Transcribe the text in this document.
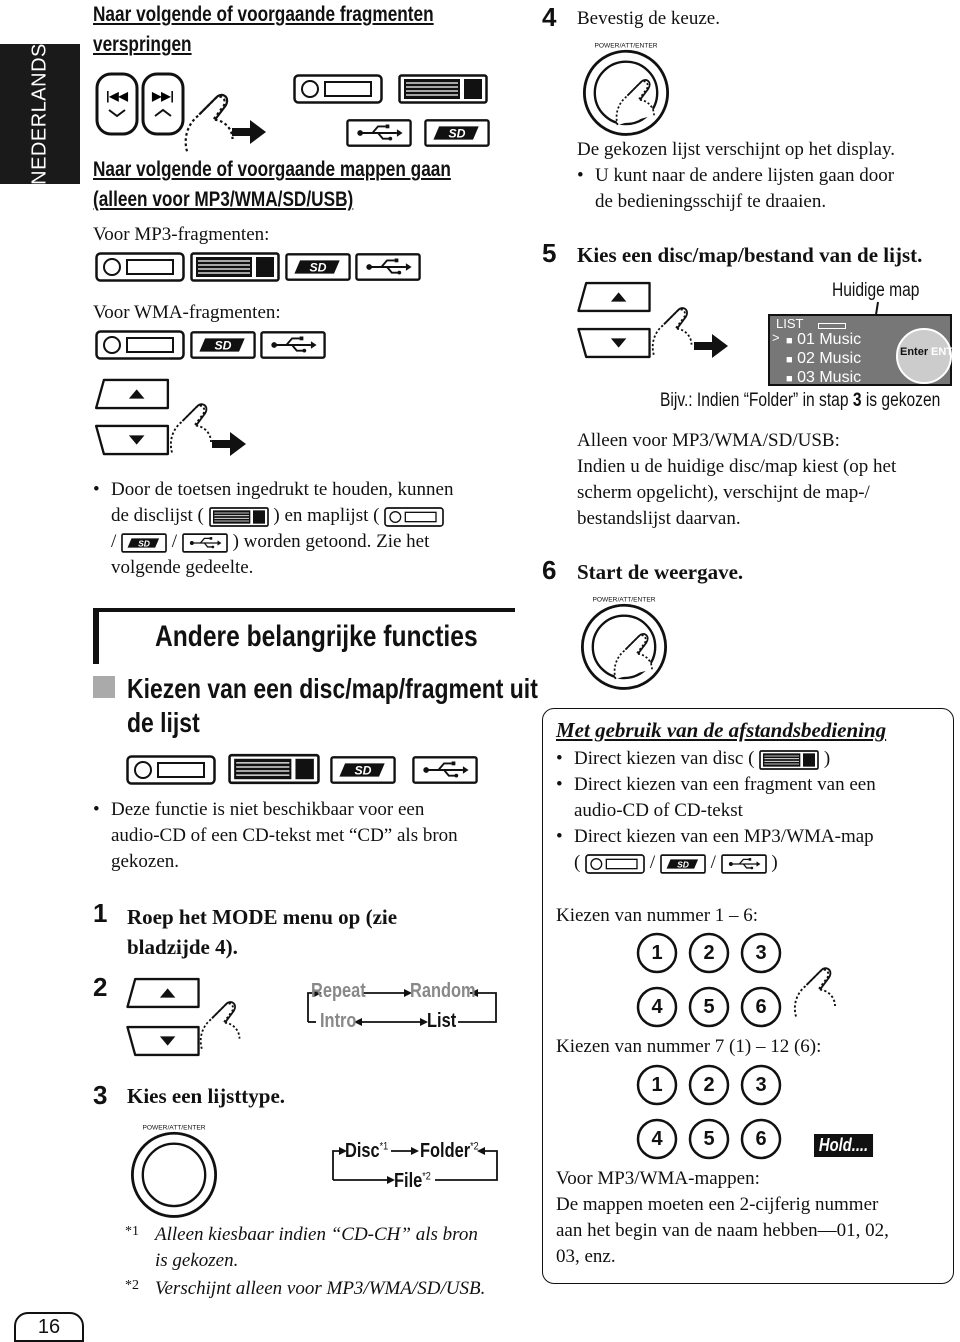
NEDERLANDS
16
Naar volgende of voorgaande fragmenten
verspringen
|◀◀ ▶▶|
Naar volgende of voorgaande mappen gaan
(alleen voor MP3/WMA/SD/USB)
Voor MP3-fragmenten:
Voor WMA-fragmenten:
• Door de toetsen ingedrukt te houden, kunnen
de disclijst (	) en maplijst (
/	/	) worden getoond. Zie het
volgende gedeelte.
Andere belangrijke functies
Kiezen van een disc/map/fragment uit
de lijst
• Deze functie is niet beschikbaar voor een
audio-CD of een CD-tekst met “CD” als bron
gekozen.
1 Roep het MODE menu op (zie
bladzijde 4).
2	Repeat Random
Intro	List
3 Kies een lijsttype.
Disc$^{*1}$ Folder$^{*2}$
File$^{*2}$
*1 Alleen kiesbaar indien “CD-CH” als bron
is gekozen.
*2 Verschijnt alleen voor MP3/WMA/SD/USB.
4 Bevestig de keuze.
De gekozen lijst verschijnt op het display.
• U kunt naar de andere lijsten gaan door
de bedieningsschijf te draaien.
5 Kies een disc/map/bestand van de lijst.
Huidige map
LIST
> ■ 01 Music
■ 02 Music
■ 03 Music
Enter ENT
Bijv.: Indien “Folder” in stap 3 is gekozen
Alleen voor MP3/WMA/SD/USB:
Indien u de huidige disc/map kiest (op het
scherm opgelicht), verschijnt de map-/
bestandslijst daarvan.
6 Start de weergave.
Met gebruik van de afstandsbediening
• Direct kiezen van disc (	)
• Direct kiezen van een fragment van een
audio-CD of CD-tekst
• Direct kiezen van een MP3/WMA-map
(	/	/	)
Kiezen van nummer 1 – 6:
1	2	3
4	5	6
Kiezen van nummer 7 (1) – 12 (6):
1	2	3
4	5	6	Hold....
Voor MP3/WMA-mappen:
De mappen moeten een 2-cijferig nummer
aan het begin van de naam hebben—01, 02,
03, enz.
